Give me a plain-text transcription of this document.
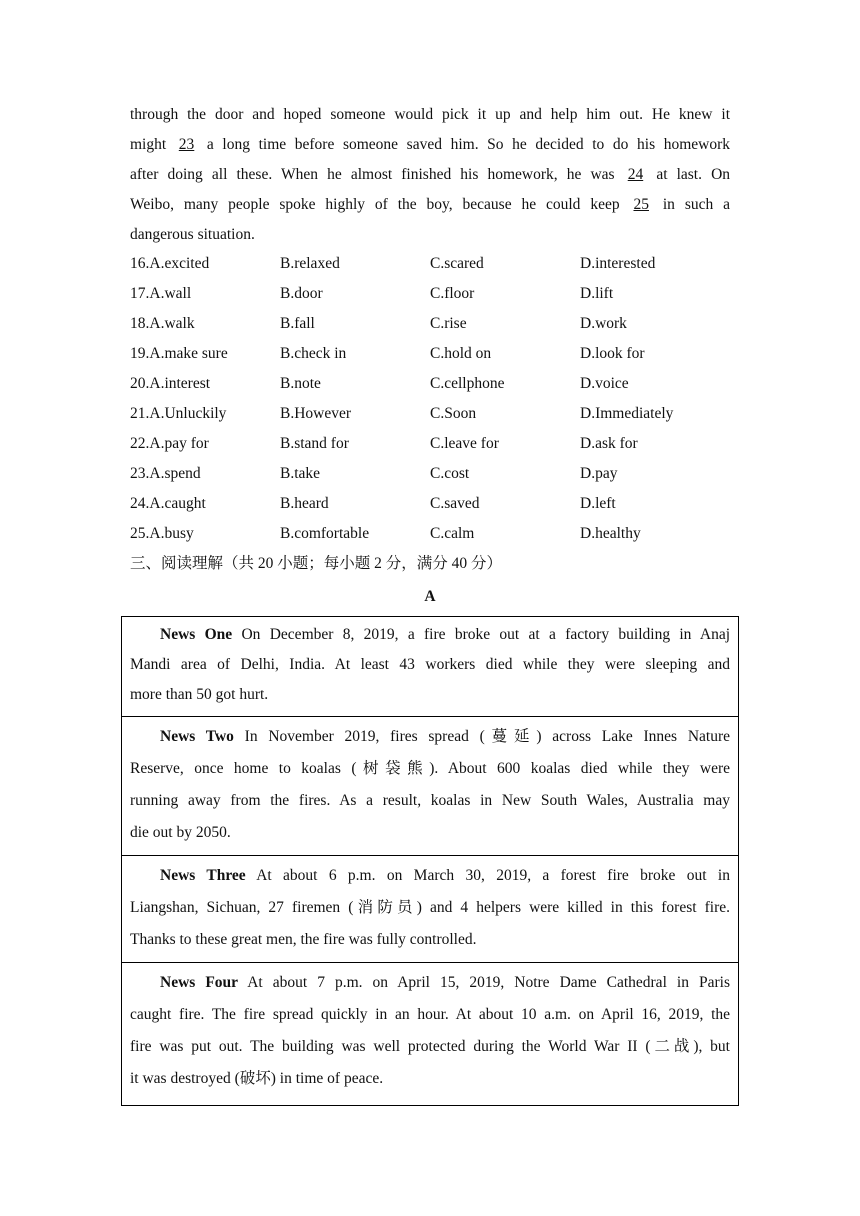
through the door and hoped someone would pick it up and help him out. He knew it
might 23 a long time before someone saved him. So he decided to do his homework
after doing all these. When he almost finished his homework, he was 24 at last. On
Weibo, many people spoke highly of the boy, because he could keep 25 in such a
dangerous situation.
16.A.excited	B.relaxed	C.scared	D.interested
17.A.wall	B.door	C.floor	D.lift
18.A.walk	B.fall	C.rise	D.work
19.A.make sure	B.check in	C.hold on	D.look for
20.A.interest	B.note	C.cellphone	D.voice
21.A.Unluckily	B.However	C.Soon	D.Immediately
22.A.pay for	B.stand for	C.leave for	D.ask for
23.A.spend	B.take	C.cost	D.pay
24.A.caught	B.heard	C.saved	D.left
25.A.busy	B.comfortable	C.calm	D.healthy
三、阅读理解（共 20 小题；每小题 2 分，满分 40 分）
A
News One On December 8, 2019, a fire broke out at a factory building in Anaj
Mandi area of Delhi, India. At least 43 workers died while they were sleeping and
more than 50 got hurt.
News Two In November 2019, fires spread (蔓延) across Lake Innes Nature
Reserve, once home to koalas (树袋熊). About 600 koalas died while they were
running away from the fires. As a result, koalas in New South Wales, Australia may
die out by 2050.
News Three At about 6 p.m. on March 30, 2019, a forest fire broke out in
Liangshan, Sichuan, 27 firemen (消防员) and 4 helpers were killed in this forest fire.
Thanks to these great men, the fire was fully controlled.
News Four At about 7 p.m. on April 15, 2019, Notre Dame Cathedral in Paris
caught fire. The fire spread quickly in an hour. At about 10 a.m. on April 16, 2019, the
fire was put out. The building was well protected during the World War II (二战), but
it was destroyed (破坏) in time of peace.
